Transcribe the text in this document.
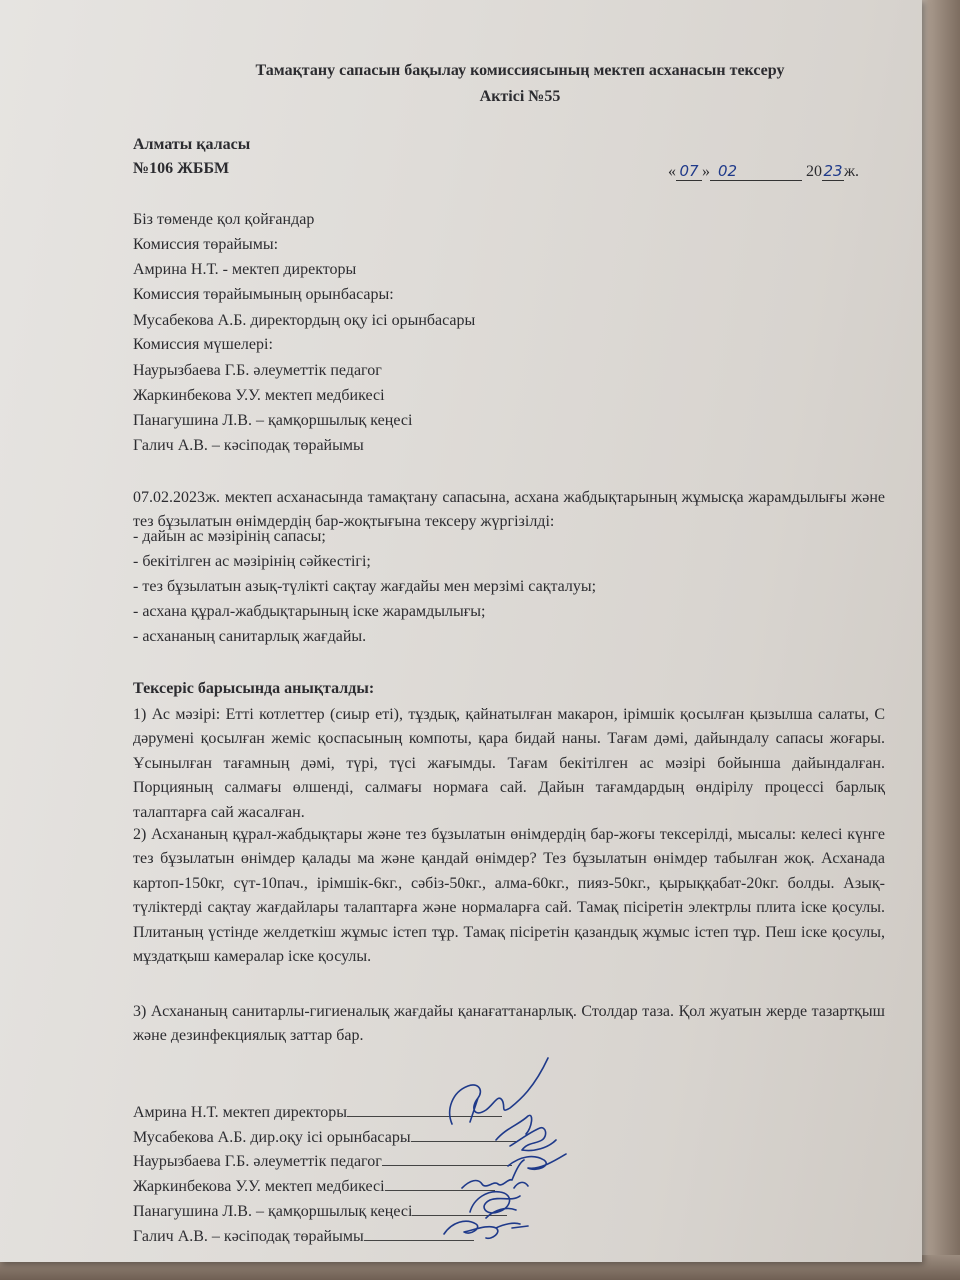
Тамақтану сапасын бақылау комиссиясының мектеп асханасын тексеру
Актісі №55
Алматы қаласы
№106 ЖББМ	« 07 » 02	2023ж.
Біз төменде қол қойғандар
Комиссия төрайымы:
Амрина Н.Т. - мектеп директоры
Комиссия төрайымының орынбасары:
Мусабекова А.Б. директордың оқу ісі орынбасары
Комиссия мүшелері:
Наурызбаева Г.Б. әлеуметтік педагог
Жаркинбекова У.У. мектеп медбикесі
Панагушина Л.В. – қамқоршылық кеңесі
Галич А.В. – кәсіподақ төрайымы
07.02.2023ж. мектеп асханасында тамақтану сапасына, асхана жабдықтарының жұмысқа жарамдылығы және тез бұзылатын өнімдердің бар-жоқтығына тексеру жүргізілді:
- дайын ас мәзірінің сапасы;
- бекітілген ас мәзірінің сәйкестігі;
- тез бұзылатын азық-түлікті сақтау жағдайы мен мерзімі сақталуы;
- асхана құрал-жабдықтарының іске жарамдылығы;
- асхананың санитарлық жағдайы.
Тексеріс барысында анықталды:
1) Ас мәзірі: Етті котлеттер (сиыр еті), тұздық, қайнатылған макарон, ірімшік қосылған қызылша салаты, С дәрумені қосылған жеміс қоспасының компоты, қара бидай наны. Тағам дәмі, дайындалу сапасы жоғары. Ұсынылған тағамның дәмі, түрі, түсі жағымды. Тағам бекітілген ас мәзірі бойынша дайындалған. Порцияның салмағы өлшенді, салмағы нормаға сай. Дайын тағамдардың өндірілу процессі барлық талаптарға сай жасалған.
2) Асхананың құрал-жабдықтары және тез бұзылатын өнімдердің бар-жоғы тексерілді, мысалы: келесі күнге тез бұзылатын өнімдер қалады ма және қандай өнімдер? Тез бұзылатын өнімдер табылған жоқ. Асханада картоп-150кг, сүт-10пач., ірімшік-6кг., сәбіз-50кг., алма-60кг., пияз-50кг., қырыққабат-20кг. болды. Азық-түліктерді сақтау жағдайлары талаптарға және нормаларға сай. Тамақ пісіретін электрлы плита іске қосулы. Плитаның үстінде желдеткіш жұмыс істеп тұр. Тамақ пісіретін қазандық жұмыс істеп тұр. Пеш іске қосулы, мұздатқыш камералар іске қосулы.
3) Асхананың санитарлы-гигиеналық жағдайы қанағаттанарлық. Столдар таза. Қол жуатын жерде тазартқыш және дезинфекциялық заттар бар.
Амрина Н.Т. мектеп директоры
Мусабекова А.Б. дир.оқу ісі орынбасары
Наурызбаева Г.Б. әлеуметтік педагог
Жаркинбекова У.У. мектеп медбикесі
Панагушина Л.В. – қамқоршылық кеңесі
Галич А.В. – кәсіподақ төрайымы
